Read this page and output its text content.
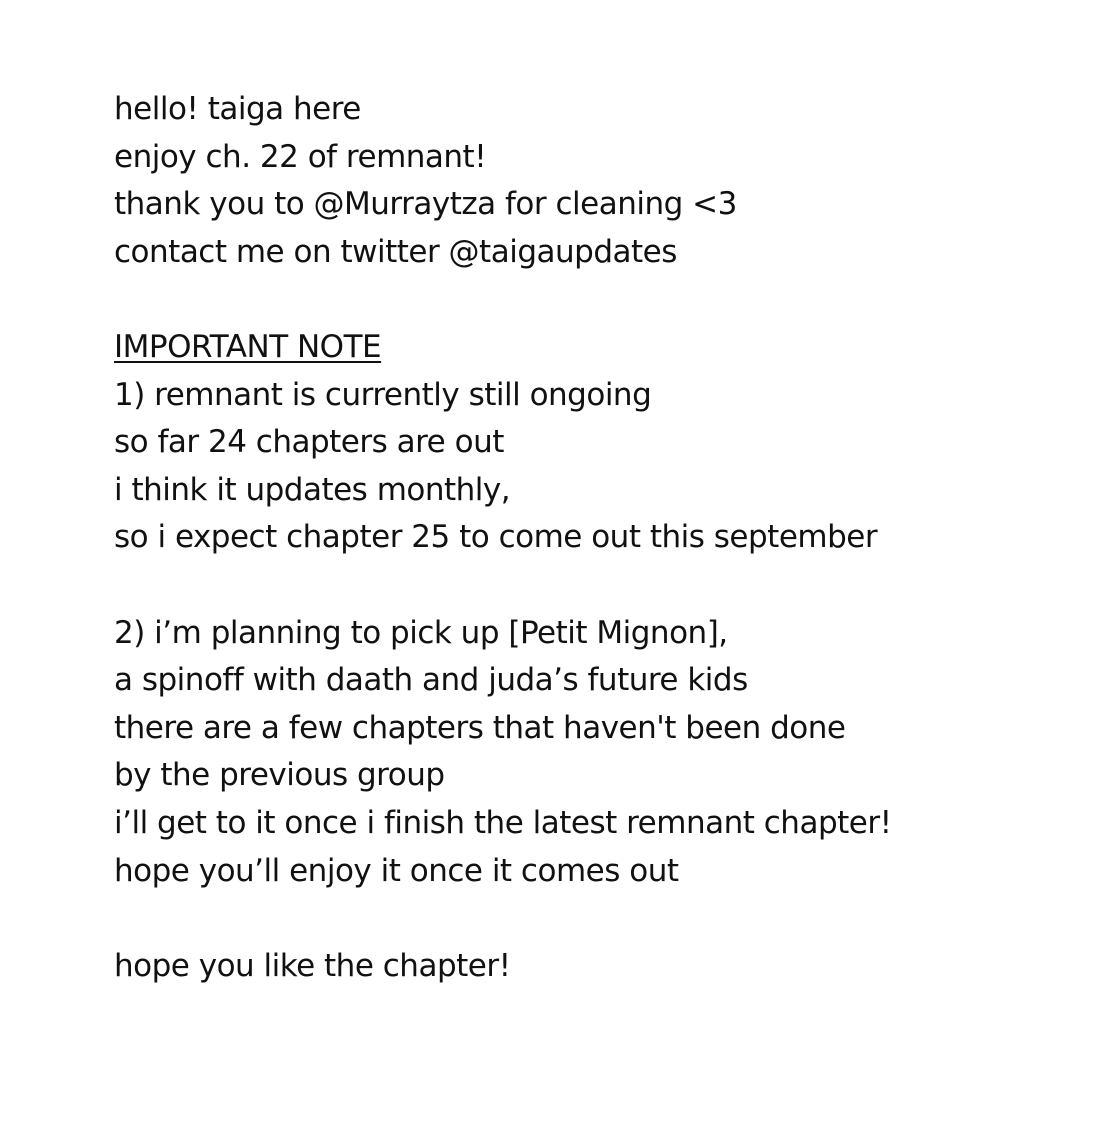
hello! taiga here
enjoy ch. 22 of remnant!
thank you to @Murraytza for cleaning <3
contact me on twitter @taigaupdates
IMPORTANT NOTE
1) remnant is currently still ongoing
so far 24 chapters are out
i think it updates monthly,
so i expect chapter 25 to come out this september
2) i’m planning to pick up [Petit Mignon],
a spinoff with daath and juda’s future kids
there are a few chapters that haven't been done
by the previous group
i’ll get to it once i finish the latest remnant chapter!
hope you’ll enjoy it once it comes out
hope you like the chapter!
